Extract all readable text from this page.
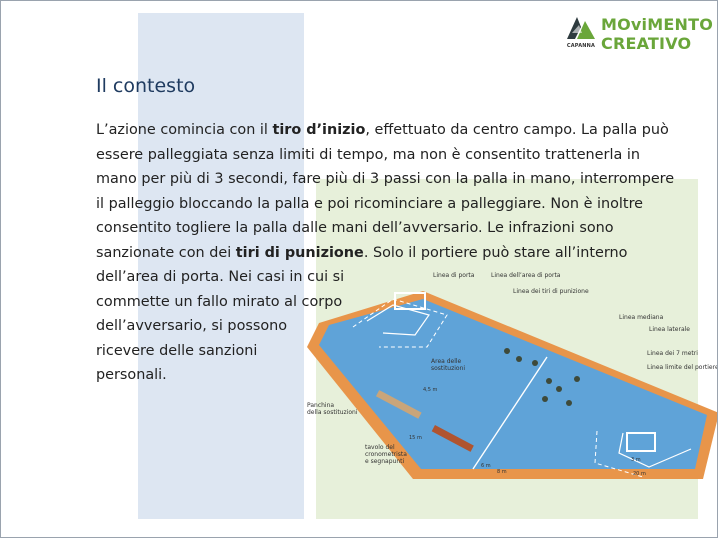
CAPANNA
MOviMENTO
CREATIVO
Il contesto

L’azione comincia con il tiro d’inizio, effettuato da centro campo. La palla può
essere palleggiata senza limiti di tempo, ma non è consentito trattenerla in
mano per più di 3 secondi, fare più di 3 passi con la palla in mano, interrompere
il palleggio bloccando la palla e poi ricominciare a palleggiare. Non è inoltre
consentito togliere la palla dalle mani dell’avversario. Le infrazioni sono
sanzionate con dei tiri di punizione. Solo il portiere può stare all’interno
dell’area di porta. Nei casi in cui si
commette un fallo mirato al corpo
dell’avversario, si possono
ricevere delle sanzioni
personali.

Linea di porta	Linea dell’area di porta
Linea dei tiri di punizione
Linea mediana
Linea laterale
Linea dei 7 metri
Linea limite del portiere
Area delle
sostituzioni
Panchina
della sostituzioni
tavolo del
cronometrista
e segnapunti
4,5 m
15 m
6 m
8 m
3 m
20 m
